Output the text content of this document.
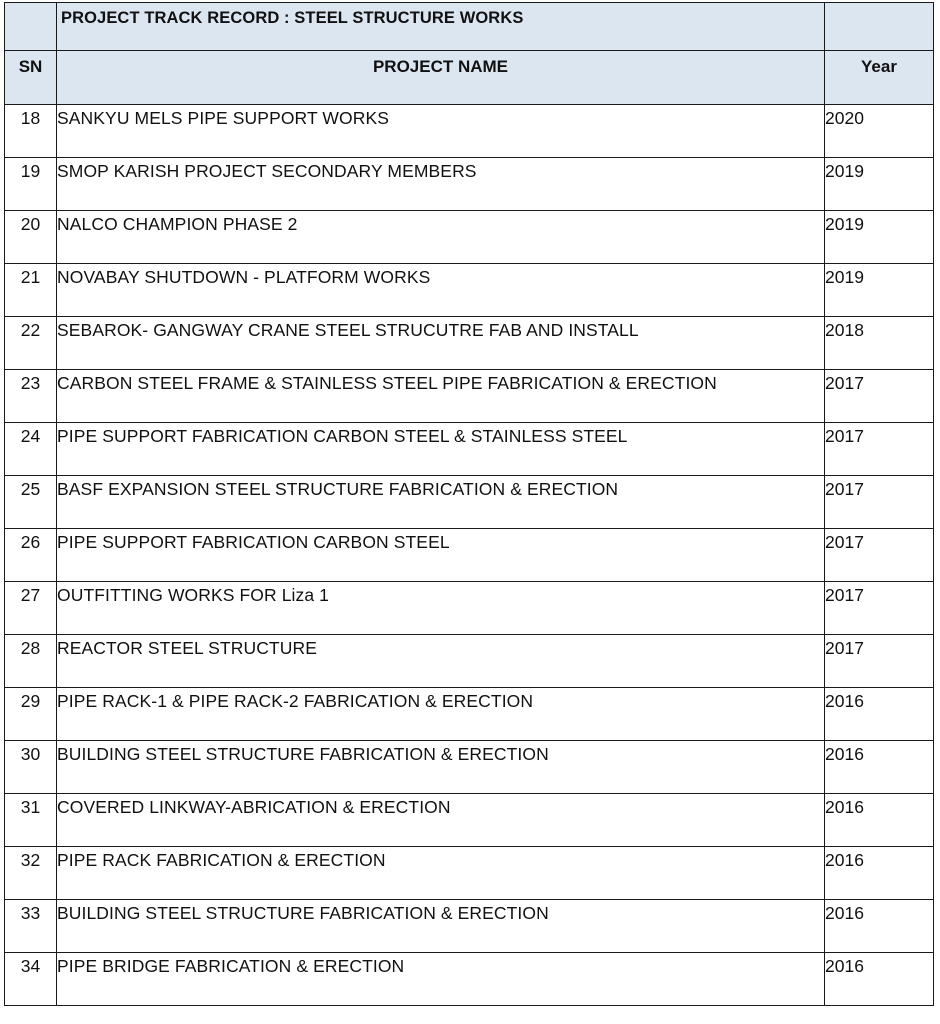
	PROJECT TRACK RECORD : STEEL STRUCTURE WORKS	

SN	PROJECT NAME	Year

18	SANKYU MELS PIPE SUPPORT WORKS	2020
19	SMOP KARISH PROJECT SECONDARY MEMBERS	2019
20	NALCO CHAMPION PHASE 2	2019
21	NOVABAY SHUTDOWN - PLATFORM WORKS	2019
22	SEBAROK- GANGWAY CRANE STEEL STRUCUTRE FAB AND INSTALL	2018
23	CARBON STEEL FRAME & STAINLESS STEEL PIPE FABRICATION & ERECTION	2017
24	PIPE SUPPORT FABRICATION CARBON STEEL & STAINLESS STEEL	2017
25	BASF EXPANSION STEEL STRUCTURE FABRICATION & ERECTION	2017
26	PIPE SUPPORT FABRICATION CARBON STEEL	2017
27	OUTFITTING WORKS FOR Liza 1	2017
28	REACTOR STEEL STRUCTURE	2017
29	PIPE RACK-1 & PIPE RACK-2 FABRICATION & ERECTION	2016
30	BUILDING STEEL STRUCTURE FABRICATION & ERECTION	2016
31	COVERED LINKWAY-ABRICATION & ERECTION	2016
32	PIPE RACK FABRICATION & ERECTION	2016
33	BUILDING STEEL STRUCTURE FABRICATION & ERECTION	2016
34	PIPE BRIDGE FABRICATION & ERECTION	2016
